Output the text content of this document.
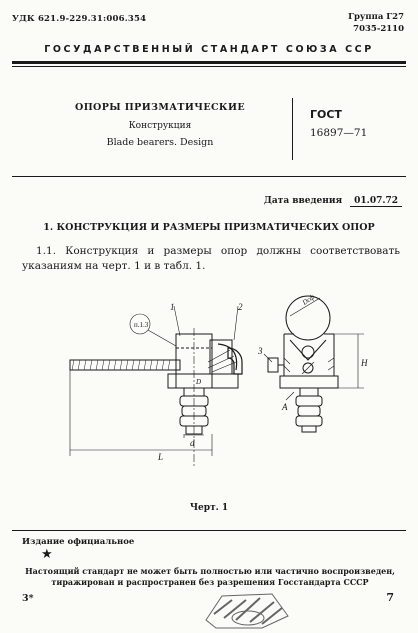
УДК 621.9-229.31:006.354	Группа Г27
7035-2110
ГОСУДАРСТВЕННЫЙ СТАНДАРТ СОЮЗА ССР
ОПОРЫ ПРИЗМАТИЧЕСКИЕ
Конструкция
Blade bearers. Design
ГОСТ
16897—71
Дата введения 01.07.72
1. КОНСТРУКЦИЯ И РАЗМЕРЫ ПРИЗМАТИЧЕСКИХ ОПОР
1.1. Конструкция и размеры опор должны соответствовать указаниям на черт. 1 и в табл. 1.
п.1.3
1	2
D
d
L
H
Dсф
3
A
Черт. 1
Издание официальное
★
Настоящий стандарт не может быть полностью или частично воспроизведен,
тиражирован и распространен без разрешения Госстандарта СССР
3*	7
